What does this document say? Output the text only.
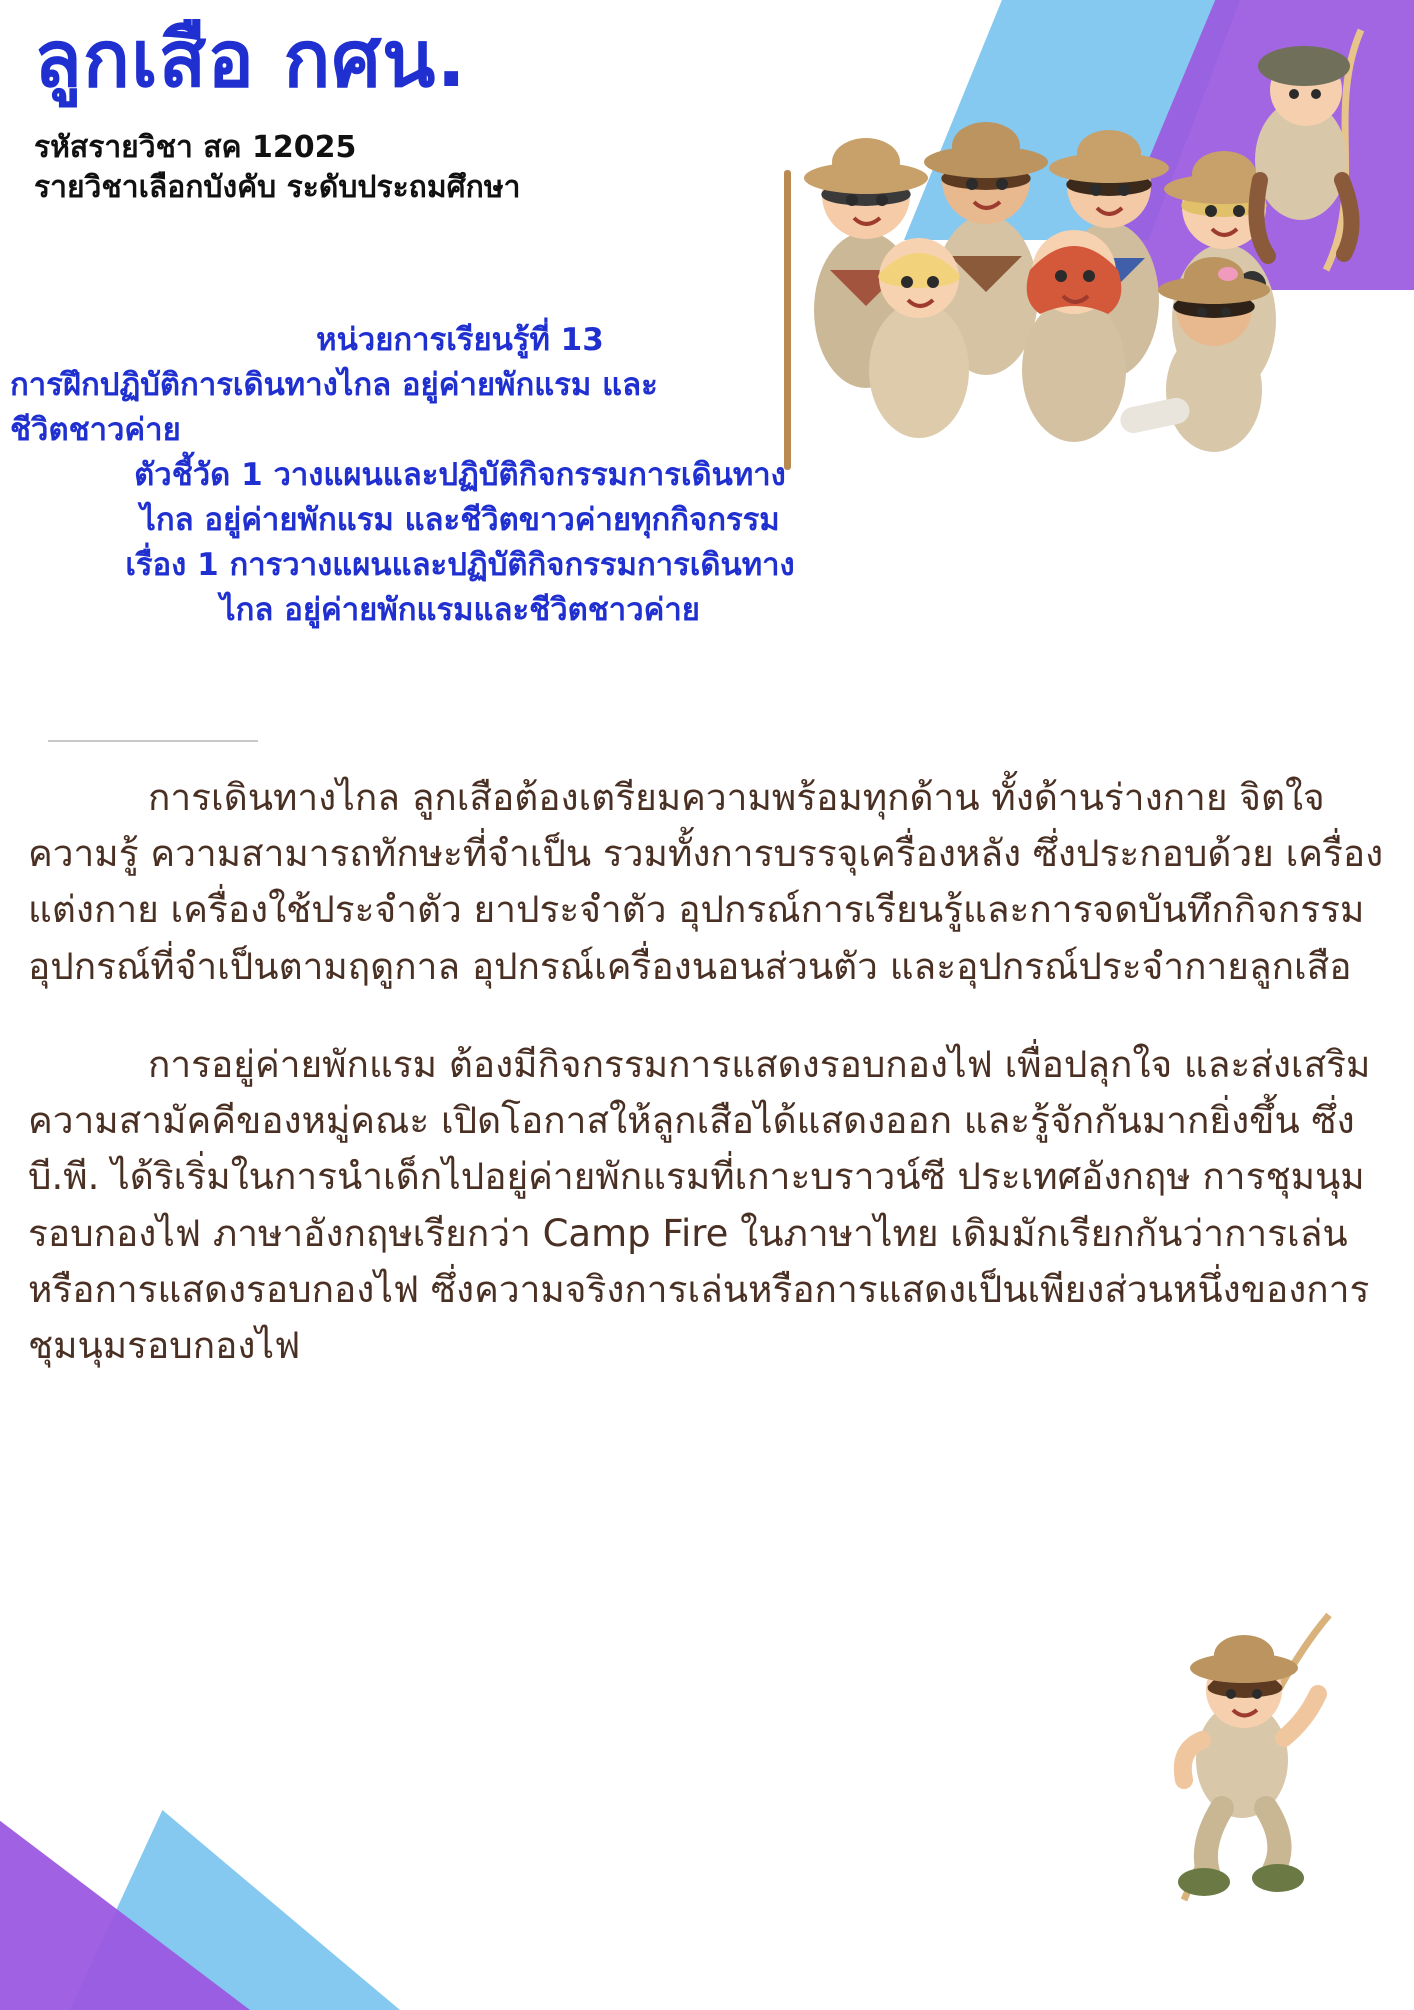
ลูกเสือ กศน.

รหัสรายวิชา สค 12025

รายวิชาเลือกบังคับ ระดับประถมศึกษา

หน่วยการเรียนรู้ที่ 13

การฝึกปฏิบัติการเดินทางไกล อยู่ค่ายพักแรม และ

ชีวิตชาวค่าย

ตัวชี้วัด 1 วางแผนและปฏิบัติกิจกรรมการเดินทาง

ไกล อยู่ค่ายพักแรม และชีวิตขาวค่ายทุกกิจกรรม

เรื่อง 1 การวางแผนและปฏิบัติกิจกรรมการเดินทาง

ไกล อยู่ค่ายพักแรมและชีวิตชาวค่าย

การเดินทางไกล ลูกเสือต้องเตรียมความพร้อมทุกด้าน ทั้งด้านร่างกาย จิตใจ ความรู้ ความสามารถทักษะที่จำเป็น รวมทั้งการบรรจุเครื่องหลัง ซึ่งประกอบด้วย เครื่องแต่งกาย เครื่องใช้ประจำตัว ยาประจำตัว อุปกรณ์การเรียนรู้และการจดบันทึกกิจกรรม อุปกรณ์ที่จำเป็นตามฤดูกาล อุปกรณ์เครื่องนอนส่วนตัว และอุปกรณ์ประจำกายลูกเสือ

การอยู่ค่ายพักแรม ต้องมีกิจกรรมการแสดงรอบกองไฟ เพื่อปลุกใจ และส่งเสริมความสามัคคีของหมู่คณะ เปิดโอกาสให้ลูกเสือได้แสดงออก และรู้จักกันมากยิ่งขึ้น ซึ่ง บี.พี. ได้ริเริ่มในการนำเด็กไปอยู่ค่ายพักแรมที่เกาะบราวน์ซี ประเทศอังกฤษ การชุมนุมรอบกองไฟ ภาษาอังกฤษเรียกว่า Camp Fire ในภาษาไทย เดิมมักเรียกกันว่าการเล่นหรือการแสดงรอบกองไฟ ซึ่งความจริงการเล่นหรือการแสดงเป็นเพียงส่วนหนึ่งของการชุมนุมรอบกองไฟ
